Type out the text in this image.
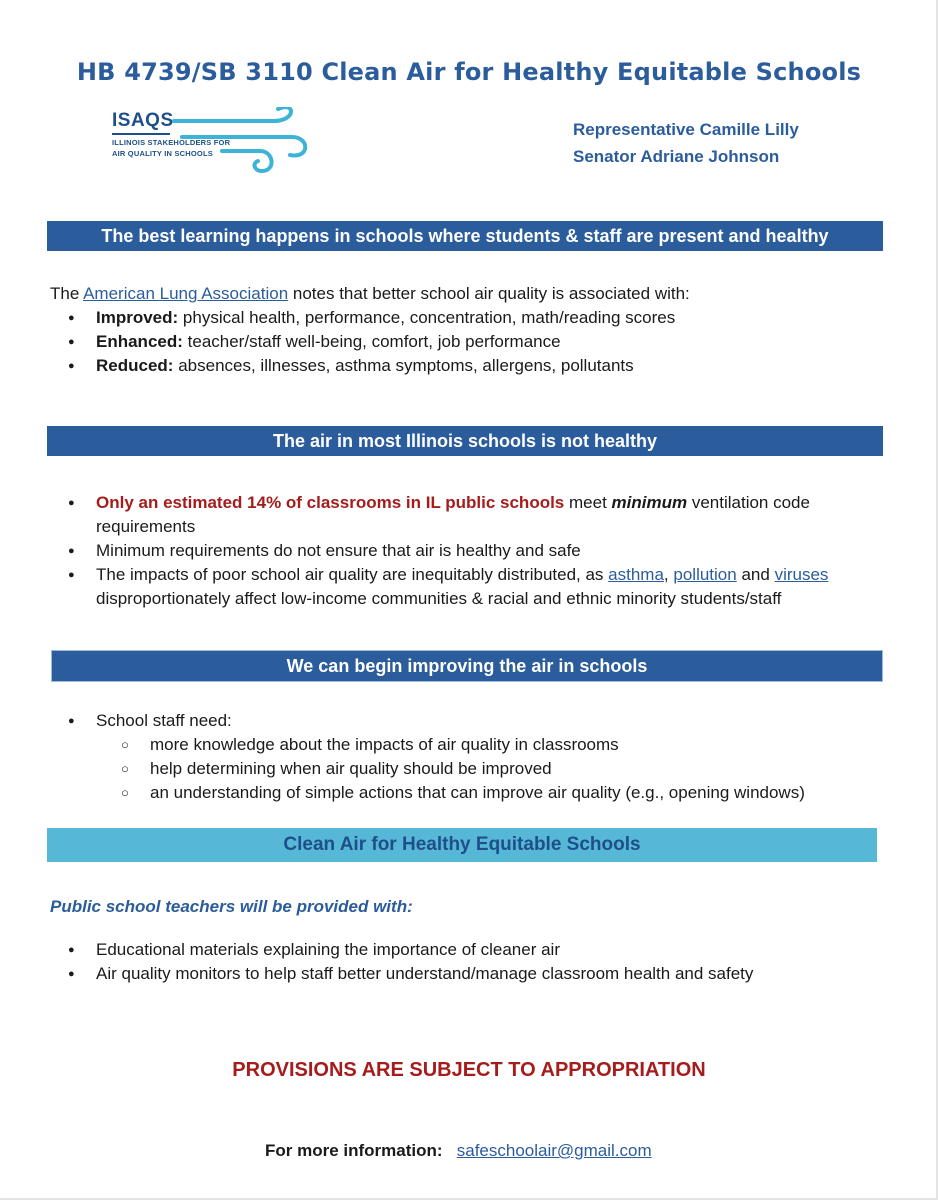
HB 4739/SB 3110 Clean Air for Healthy Equitable Schools
ISAQS
ILLINOIS STAKEHOLDERS FOR
AIR QUALITY IN SCHOOLS
Representative Camille Lilly
Senator Adriane Johnson
The best learning happens in schools where students & staff are present and healthy
The American Lung Association notes that better school air quality is associated with:
● Improved: physical health, performance, concentration, math/reading scores
● Enhanced: teacher/staff well-being, comfort, job performance
● Reduced: absences, illnesses, asthma symptoms, allergens, pollutants
The air in most Illinois schools is not healthy
● Only an estimated 14% of classrooms in IL public schools meet minimum ventilation code requirements
● Minimum requirements do not ensure that air is healthy and safe
● The impacts of poor school air quality are inequitably distributed, as asthma, pollution and viruses disproportionately affect low-income communities & racial and ethnic minority students/staff
We can begin improving the air in schools
● School staff need:
○ more knowledge about the impacts of air quality in classrooms
○ help determining when air quality should be improved
○ an understanding of simple actions that can improve air quality (e.g., opening windows)
Clean Air for Healthy Equitable Schools
Public school teachers will be provided with:
● Educational materials explaining the importance of cleaner air
● Air quality monitors to help staff better understand/manage classroom health and safety
PROVISIONS ARE SUBJECT TO APPROPRIATION
For more information: safeschoolair@gmail.com
